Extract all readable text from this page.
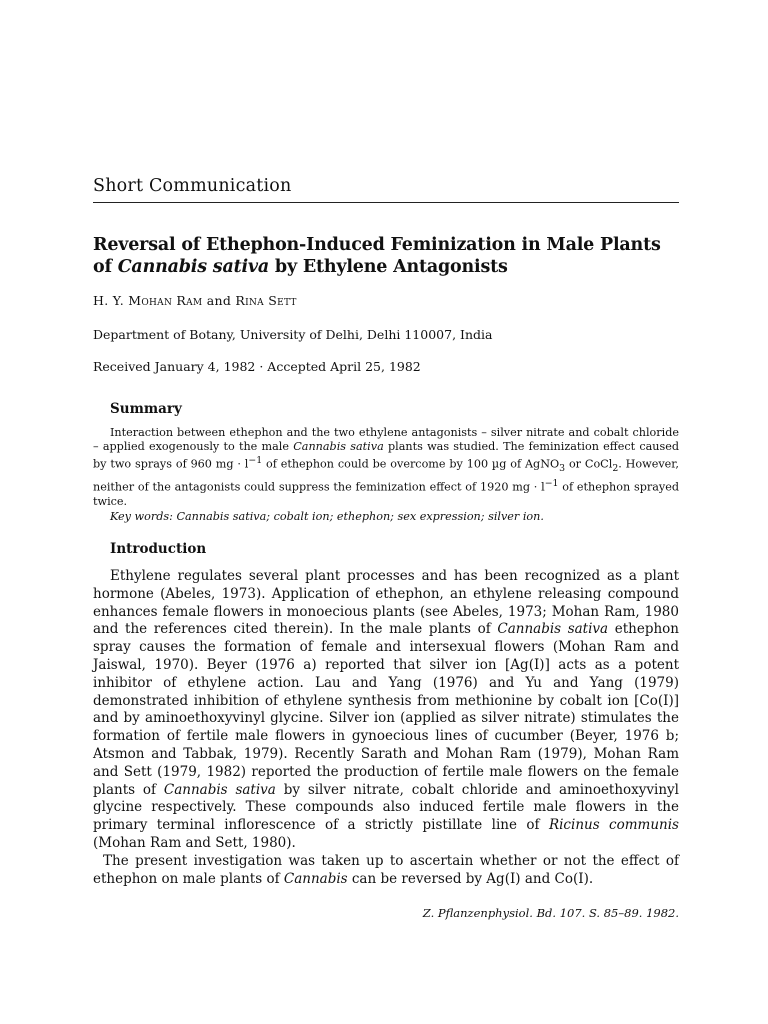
Short Communication
Reversal of Ethephon-Induced Feminization in Male Plants of Cannabis sativa by Ethylene Antagonists
H. Y. Mohan Ram and Rina Sett
Department of Botany, University of Delhi, Delhi 110007, India
Received January 4, 1982 · Accepted April 25, 1982
Summary
Interaction between ethephon and the two ethylene antagonists – silver nitrate and cobalt chloride – applied exogenously to the male Cannabis sativa plants was studied. The feminization effect caused by two sprays of 960 mg · $l^{-1}$ of ethephon could be overcome by 100 µg of AgNO$_3$ or CoCl$_2$. However, neither of the antagonists could suppress the feminization effect of 1920 mg · $l^{-1}$ of ethephon sprayed twice.
Key words: Cannabis sativa; cobalt ion; ethephon; sex expression; silver ion.
Introduction

Ethylene regulates several plant processes and has been recognized as a plant hormone (Abeles, 1973). Application of ethephon, an ethylene releasing compound enhances female flowers in monoecious plants (see Abeles, 1973; Mohan Ram, 1980 and the references cited therein). In the male plants of Cannabis sativa ethephon spray causes the formation of female and intersexual flowers (Mohan Ram and Jaiswal, 1970). Beyer (1976 a) reported that silver ion [Ag(I)] acts as a potent inhibitor of ethylene action. Lau and Yang (1976) and Yu and Yang (1979) demonstrated inhibition of ethylene synthesis from methionine by cobalt ion [Co(I)] and by aminoethoxyvinyl glycine. Silver ion (applied as silver nitrate) stimulates the formation of fertile male flowers in gynoecious lines of cucumber (Beyer, 1976 b; Atsmon and Tabbak, 1979). Recently Sarath and Mohan Ram (1979), Mohan Ram and Sett (1979, 1982) reported the production of fertile male flowers on the female plants of Cannabis sativa by silver nitrate, cobalt chloride and aminoethoxyvinyl glycine respectively. These compounds also induced fertile male flowers in the primary terminal inflorescence of a strictly pistillate line of Ricinus communis (Mohan Ram and Sett, 1980).

The present investigation was taken up to ascertain whether or not the effect of ethephon on male plants of Cannabis can be reversed by Ag(I) and Co(I).

Z. Pflanzenphysiol. Bd. 107. S. 85–89. 1982.
